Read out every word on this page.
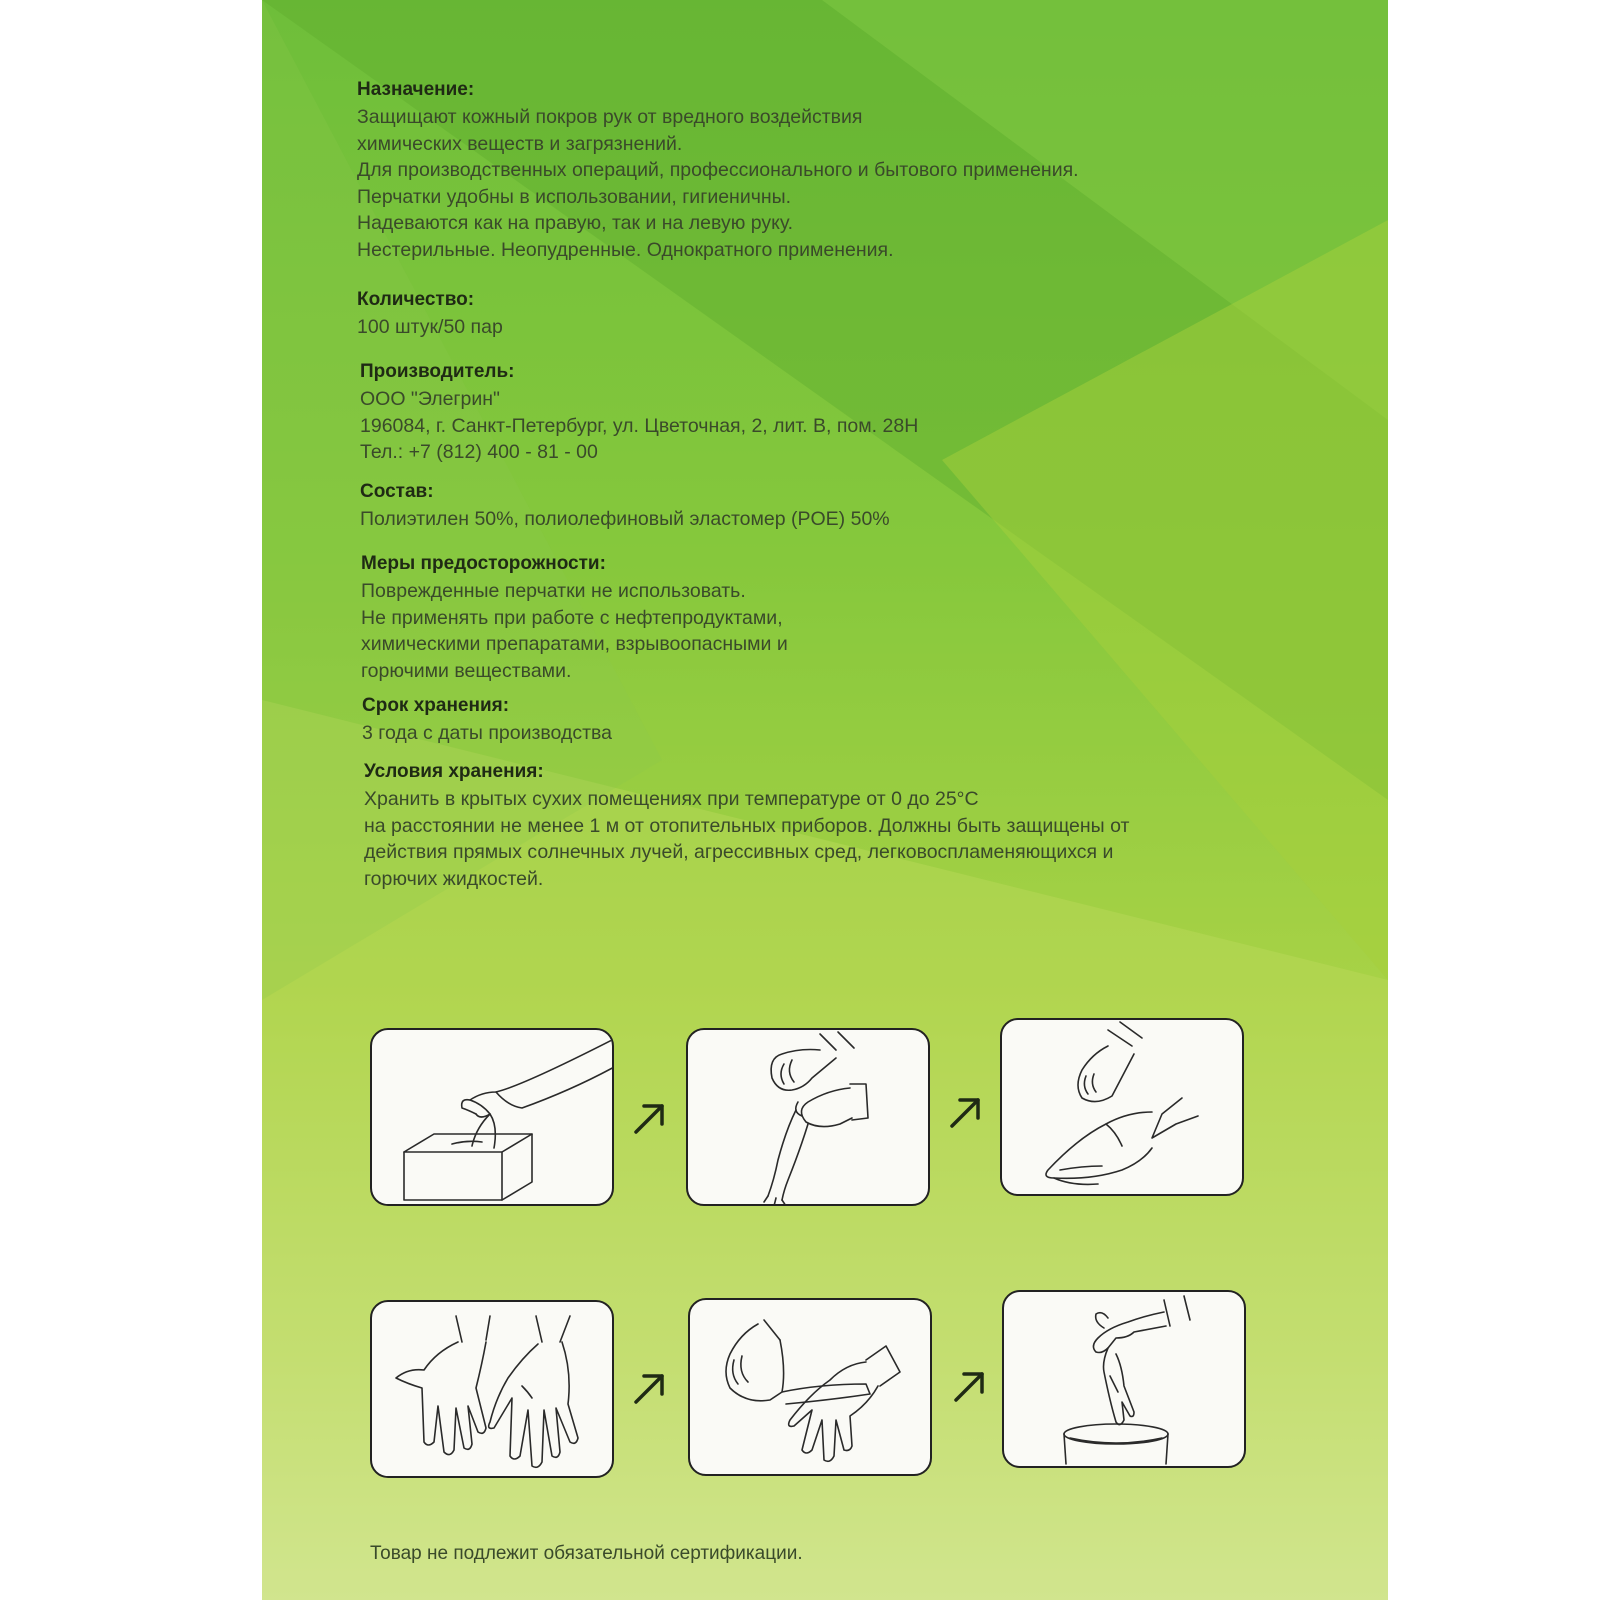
Назначение:
Защищают кожный покров рук от вредного воздействия
химических веществ и загрязнений.
Для производственных операций, профессионального и бытового применения.
Перчатки удобны в использовании, гигиеничны.
Надеваются как на правую, так и на левую руку.
Нестерильные. Неопудренные. Однократного применения.
Количество:
100 штук/50 пар
Производитель:
ООО "Элегрин"
196084, г. Санкт-Петербург, ул. Цветочная, 2, лит. В, пом. 28Н
Тел.: +7 (812) 400 - 81 - 00
Состав:
Полиэтилен 50%, полиолефиновый эластомер (POE) 50%
Меры предосторожности:
Поврежденные перчатки не использовать.
Не применять при работе с нефтепродуктами,
химическими препаратами, взрывоопасными и
горючими веществами.
Срок хранения:
3 года с даты производства
Условия хранения:
Хранить в крытых сухих помещениях при температуре от 0 до 25°С
на расстоянии не менее 1 м от отопительных приборов. Должны быть защищены от
действия прямых солнечных лучей, агрессивных сред, легковоспламеняющихся и
горючих жидкостей.
Товар не подлежит обязательной сертификации.
